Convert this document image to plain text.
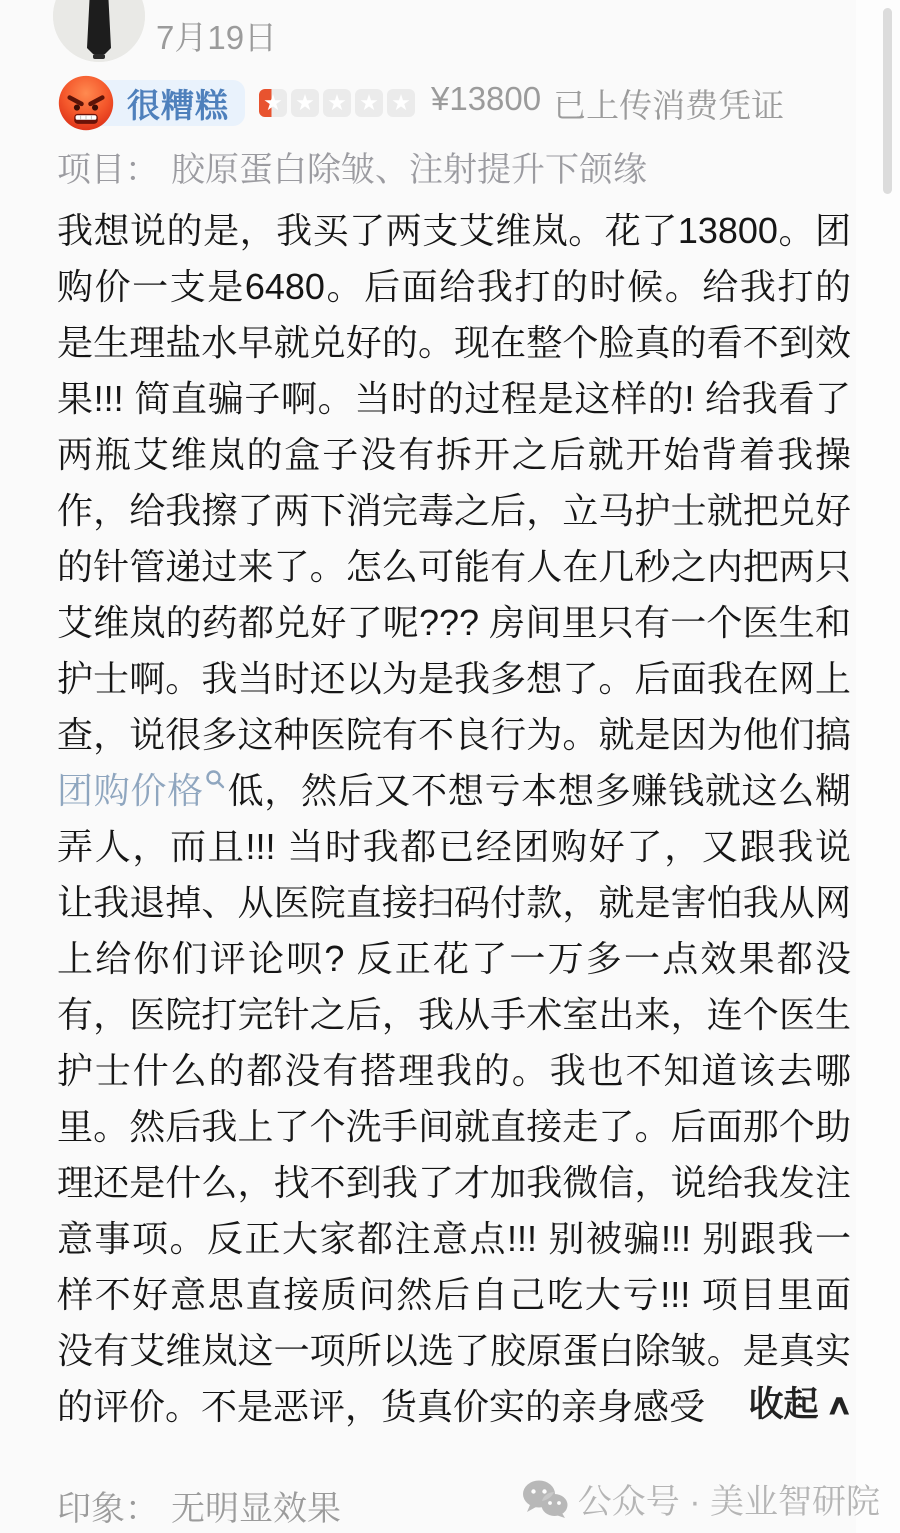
7月19日
很糟糕 ★ ★ ★ ★ ★ ¥13800 已上传消费凭证
项目： 胶原蛋白除皱、注射提升下颌缘
我想说的是，我买了两支艾维岚。花了13800。团购价一支是6480。后面给我打的时候。给我打的是生理盐水早就兑好的。现在整个脸真的看不到效果!!! 简直骗子啊。当时的过程是这样的! 给我看了两瓶艾维岚的盒子没有拆开之后就开始背着我操作，给我擦了两下消完毒之后，立马护士就把兑好的针管递过来了。怎么可能有人在几秒之内把两只艾维岚的药都兑好了呢??? 房间里只有一个医生和护士啊。我当时还以为是我多想了。后面我在网上查，说很多这种医院有不良行为。就是因为他们搞团购价格 低，然后又不想亏本想多赚钱就这么糊弄人，而且!!! 当时我都已经团购好了，又跟我说让我退掉、从医院直接扫码付款，就是害怕我从网上给你们评论呗? 反正花了一万多一点效果都没有，医院打完针之后，我从手术室出来，连个医生护士什么的都没有搭理我的。我也不知道该去哪里。然后我上了个洗手间就直接走了。后面那个助理还是什么，找不到我了才加我微信，说给我发注意事项。反正大家都注意点!!! 别被骗!!! 别跟我一样不好意思直接质问然后自己吃大亏!!! 项目里面没有艾维岚这一项所以选了胶原蛋白除皱。是真实的评价。不是恶评，货真价实的亲身感受 收起 ∧
印象： 无明显效果	公众号 · 美业智研院
